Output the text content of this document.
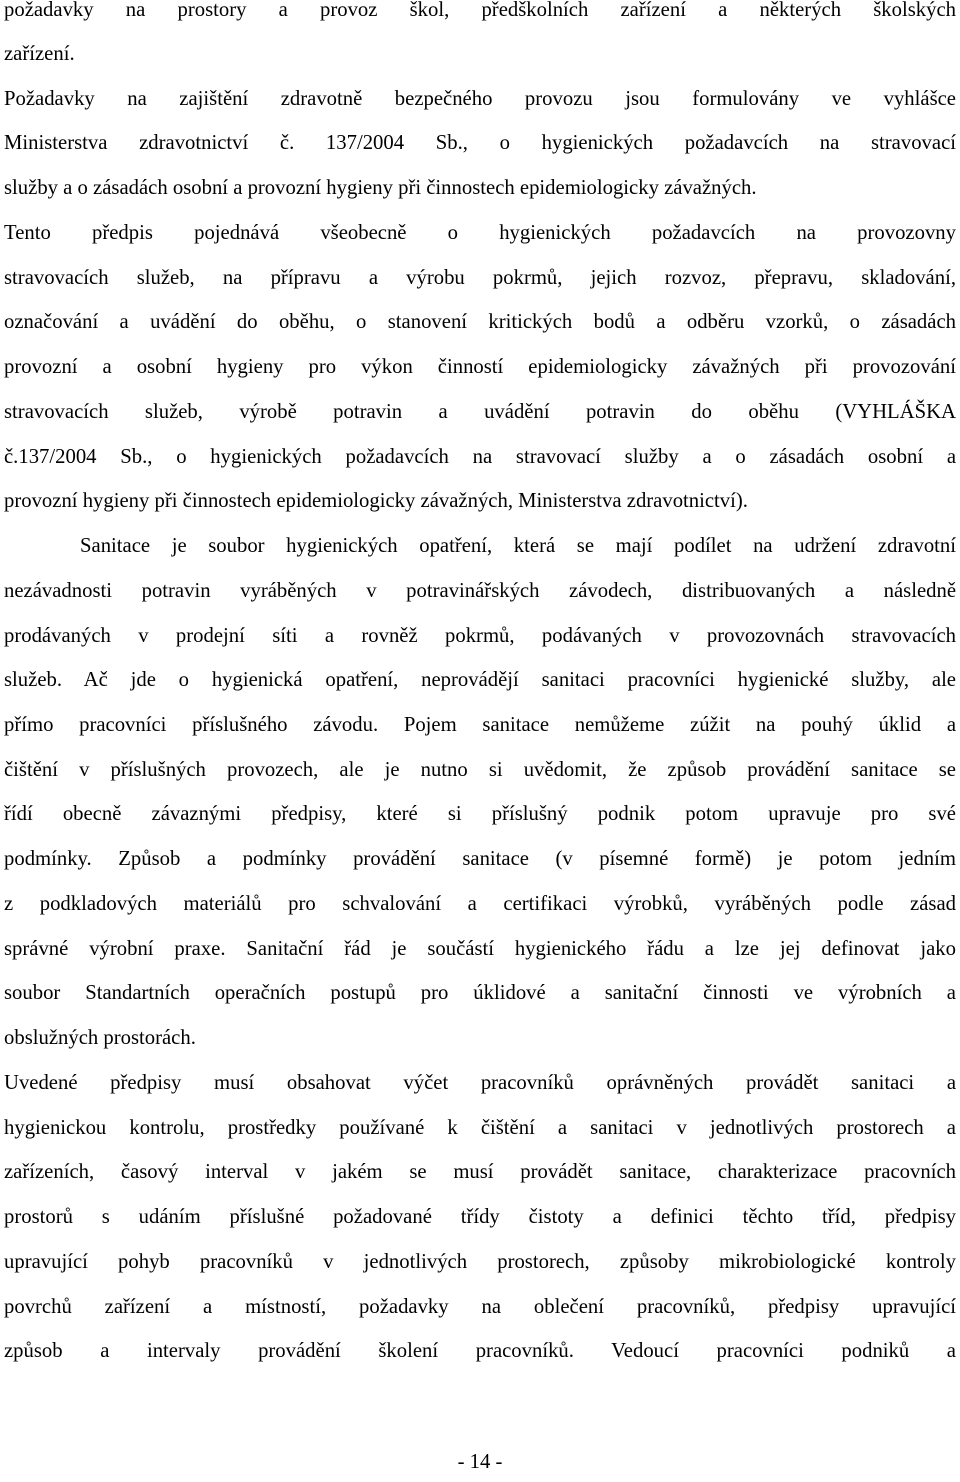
požadavky na prostory a provoz škol, předškolních zařízení a některých školských
zařízení.
Požadavky na zajištění zdravotně bezpečného provozu jsou formulovány ve vyhlášce
Ministerstva zdravotnictví č. 137/2004 Sb., o hygienických požadavcích na stravovací
služby a o zásadách osobní a provozní hygieny při činnostech epidemiologicky závažných.
Tento předpis pojednává všeobecně o hygienických požadavcích na provozovny
stravovacích služeb, na přípravu a výrobu pokrmů, jejich rozvoz, přepravu, skladování,
označování a uvádění do oběhu, o stanovení kritických bodů a odběru vzorků, o zásadách
provozní a osobní hygieny pro výkon činností epidemiologicky závažných při provozování
stravovacích služeb, výrobě potravin a uvádění potravin do oběhu (VYHLÁŠKA
č.137/2004 Sb., o hygienických požadavcích na stravovací služby a o zásadách osobní a
provozní hygieny při činnostech epidemiologicky závažných, Ministerstva zdravotnictví).
Sanitace je soubor hygienických opatření, která se mají podílet na udržení zdravotní
nezávadnosti potravin vyráběných v potravinářských závodech, distribuovaných a následně
prodávaných v prodejní síti a rovněž pokrmů, podávaných v provozovnách stravovacích
služeb. Ač jde o hygienická opatření, neprovádějí sanitaci pracovníci hygienické služby, ale
přímo pracovníci příslušného závodu. Pojem sanitace nemůžeme zúžit na pouhý úklid a
čištění v příslušných provozech, ale je nutno si uvědomit, že způsob provádění sanitace se
řídí obecně závaznými předpisy, které si příslušný podnik potom upravuje pro své
podmínky. Způsob a podmínky provádění sanitace (v písemné formě) je potom jedním
z podkladových materiálů pro schvalování a certifikaci výrobků, vyráběných podle zásad
správné výrobní praxe. Sanitační řád je součástí hygienického řádu a lze jej definovat jako
soubor Standartních operačních postupů pro úklidové a sanitační činnosti ve výrobních a
obslužných prostorách.
Uvedené předpisy musí obsahovat výčet pracovníků oprávněných provádět sanitaci a
hygienickou kontrolu, prostředky používané k čištění a sanitaci v jednotlivých prostorech a
zařízeních, časový interval v jakém se musí provádět sanitace, charakterizace pracovních
prostorů s udáním příslušné požadované třídy čistoty a definici těchto tříd, předpisy
upravující pohyb pracovníků v jednotlivých prostorech, způsoby mikrobiologické kontroly
povrchů zařízení a místností, požadavky na oblečení pracovníků, předpisy upravující
způsob a intervaly provádění školení pracovníků. Vedoucí pracovníci podniků a
- 14 -
